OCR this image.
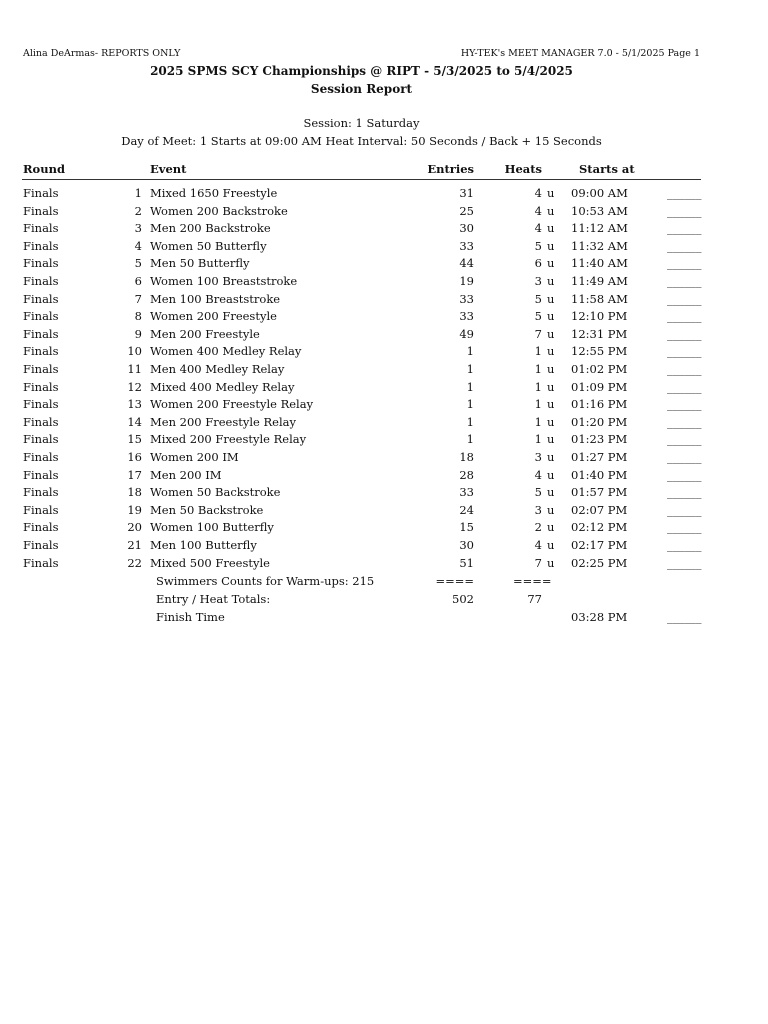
Alina DeArmas- REPORTS ONLY	HY-TEK's MEET MANAGER 7.0 - 5/1/2025 Page 1
2025 SPMS SCY Championships @ RIPT - 5/3/2025 to 5/4/2025
Session Report
Session: 1 Saturday
Day of Meet: 1 Starts at 09:00 AM Heat Interval: 50 Seconds / Back + 15 Seconds
Round	Event	Entries	Heats	Starts at
Finals	1 Mixed 1650 Freestyle	31	4 u 09:00 AM	______
Finals	2 Women 200 Backstroke	25	4 u 10:53 AM	______
Finals	3 Men 200 Backstroke	30	4 u 11:12 AM	______
Finals	4 Women 50 Butterfly	33	5 u 11:32 AM	______
Finals	5 Men 50 Butterfly	44	6 u 11:40 AM	______
Finals	6 Women 100 Breaststroke	19	3 u 11:49 AM	______
Finals	7 Men 100 Breaststroke	33	5 u 11:58 AM	______
Finals	8 Women 200 Freestyle	33	5 u 12:10 PM	______
Finals	9 Men 200 Freestyle	49	7 u 12:31 PM	______
Finals	10 Women 400 Medley Relay	1	1 u 12:55 PM	______
Finals	11 Men 400 Medley Relay	1	1 u 01:02 PM	______
Finals	12 Mixed 400 Medley Relay	1	1 u 01:09 PM	______
Finals	13 Women 200 Freestyle Relay	1	1 u 01:16 PM	______
Finals	14 Men 200 Freestyle Relay	1	1 u 01:20 PM	______
Finals	15 Mixed 200 Freestyle Relay	1	1 u 01:23 PM	______
Finals	16 Women 200 IM	18	3 u 01:27 PM	______
Finals	17 Men 200 IM	28	4 u 01:40 PM	______
Finals	18 Women 50 Backstroke	33	5 u 01:57 PM	______
Finals	19 Men 50 Backstroke	24	3 u 02:07 PM	______
Finals	20 Women 100 Butterfly	15	2 u 02:12 PM	______
Finals	21 Men 100 Butterfly	30	4 u 02:17 PM	______
Finals	22 Mixed 500 Freestyle	51	7 u 02:25 PM	______
Swimmers Counts for Warm-ups: 215	====	====
Entry / Heat Totals:	502	77
Finish Time	03:28 PM	______
